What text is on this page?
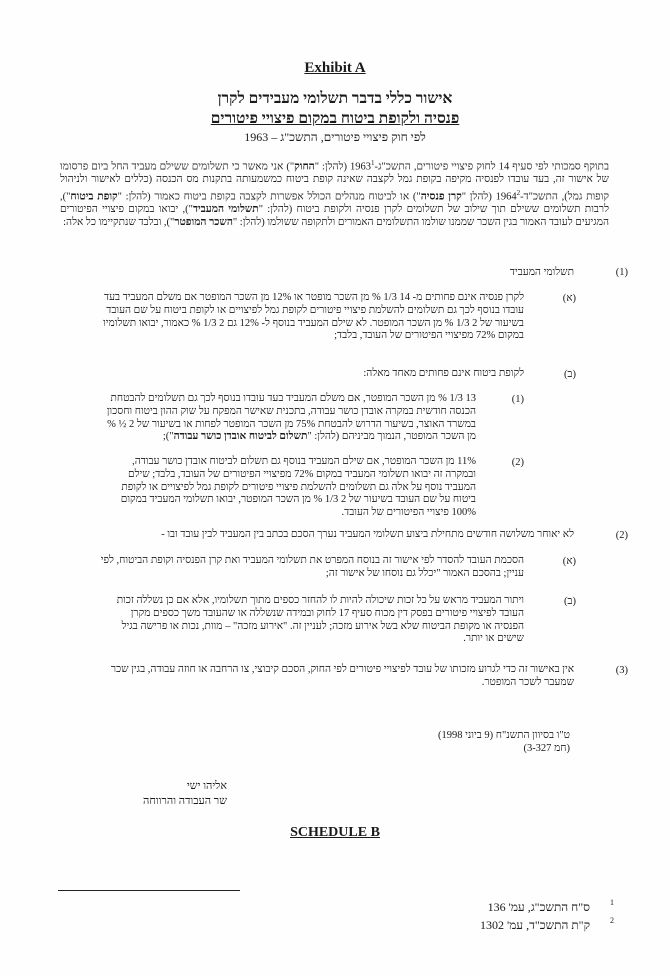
Exhibit A
אישור כללי בדבר תשלומי מעבידים לקרן
פנסיה ולקופת ביטוח במקום פיצויי פיטורים
לפי חוק פיצויי פיטורים, התשכ"ג – 1963
בתוקף סמכותי לפי סעיף 14 לחוק פיצויי פיטורים, התשכ"ג-1963$^1$ (להלן: "החוק") אני מאשר כי תשלומים ששילם מעביד החל ביום פרסומו של אישור זה, בעד עובדו לפנסיה מקיפה בקופת גמל לקצבה שאינה קופת ביטוח כמשמעותה בתקנות מס הכנסה (כללים לאישור ולניהול קופות גמל), התשכ"ד-1964$^2$ (להלן "קרן פנסיה") או לביטוח מנהלים הכולל אפשרות לקצבה בקופת ביטוח כאמור (להלן: "קופת ביטוח"), לרבות תשלומים ששילם תוך שילוב של תשלומים לקרן פנסיה ולקופת ביטוח (להלן: "תשלומי המעביד"), יבואו במקום פיצויי הפיטורים המגיעים לעובד האמור בגין השכר שממנו שולמו התשלומים האמורים ולתקופה ששולמו (להלן: "השכר המופטר"), ובלבד שנתקיימו כל אלה:
(1)
תשלומי המעביד
(א)
לקרן פנסיה אינם פחותים מ- 14 1/3 % מן השכר מופטר או 12% מן השכר המופטר אם משלם המעביד בעד עובדו בנוסף לכך גם תשלומים להשלמת פיצויי פיטורים לקופת גמל לפיצויים או לקופת ביטוח על שם העובד בשיעור של 2 1/3 % מן השכר המופטר. לא שילם המעביד בנוסף ל- 12% גם 2 1/3 % כאמור, יבואו תשלומיו במקום 72% מפיצויי הפיטורים של העובד, בלבד;
(ב)
לקופת ביטוח אינם פחותים מאחד מאלה:
(1)
13 1/3 % מן השכר המופטר, אם משלם המעביד בעד עובדו בנוסף לכך גם תשלומים להבטחת הכנסה חודשית במקרה אובדן כושר עבודה, בתכנית שאישר המפקח על שוק ההון ביטוח וחסכון במשרד האוצר, בשיעור הדרוש להבטחת 75% מן השכר המופטר לפחות או בשיעור של 2 ½ % מן השכר המופטר, הנמוך מביניהם (להלן: "תשלום לביטוח אובדן כושר עבודה");
(2)
11% מן השכר המופטר, אם שילם המעביד בנוסף גם תשלום לביטוח אובדן כושר עבודה, ובמקרה זה יבואו תשלומי המעביד במקום 72% מפיצויי הפיטורים של העובד, בלבד; שילם המעביד נוסף על אלה גם תשלומים להשלמת פיצויי פיטורים לקופת גמל לפיצויים או לקופת ביטוח על שם העובד בשיעור של 2 1/3 % מן השכר המופטר, יבואו תשלומי המעביד במקום 100% פיצויי הפיטורים של העובד.
(2)
לא יאוחר משלושה חודשים מתחילת ביצוע תשלומי המעביד נערך הסכם בכתב בין המעביד לבין עובד ובו -
(א)
הסכמת העובד להסדר לפי אישור זה בנוסח המפרט את תשלומי המעביד ואת קרן הפנסיה וקופת הביטוח, לפי עניין; בהסכם האמור "יכלל גם נוסחו של אישור זה;
(ב)
ויתור המעביד מראש על כל זכות שיכולה להיות לו להחזר כספים מתוך תשלומיו, אלא אם כן נשללה זכות העובד לפיצויי פיטורים בפסק דין מכוח סעיף 17 לחוק ובמידה שנשללה או שהעובד משך כספים מקרן הפנסיה או מקופת הביטוח שלא בשל אירוע מזכה; לעניין זה. "אירוע מזכה" – מוות, נכות או פרישה בגיל שישים או יותר.
(3)
אין באישור זה כדי לגרוע מזכותו של עובד לפיצויי פיטורים לפי החוק, הסכם קיבוצי, צו הרחבה או חוזה עבודה, בגין שכר שמעבר לשכר המופטר.
ט"ו בסיוון התשנ"ח (9 ביוני 1998)
(חמ 3-327)
אליהו ישי
שר העבודה והרווחה
SCHEDULE B
1
ס"ח התשכ"ג, עמ' 136
2
ק"ת התשכ"ד, עמ' 1302
